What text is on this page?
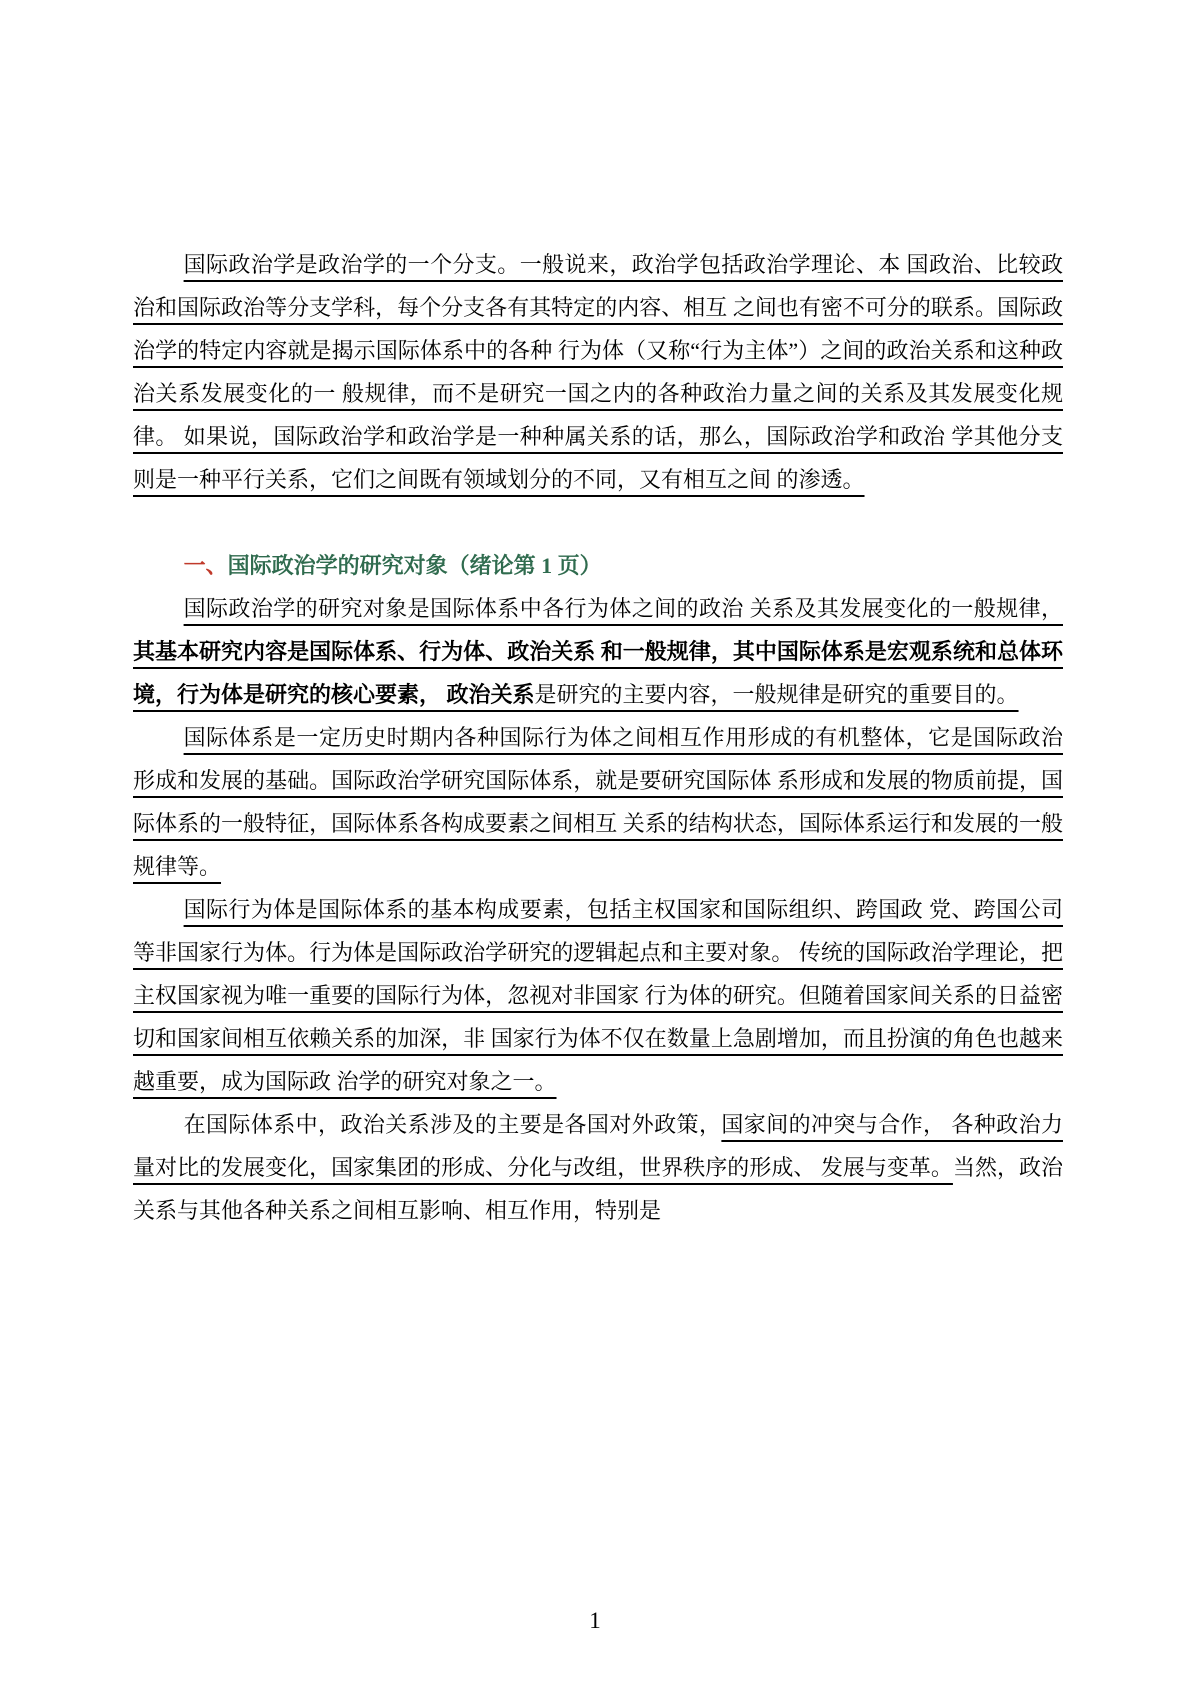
国际政治学是政治学的一个分支。一般说来，政治学包括政治学理论、本 国政治、比较政治和国际政治等分支学科，每个分支各有其特定的内容、相互 之间也有密不可分的联系。国际政治学的特定内容就是揭示国际体系中的各种 行为体（又称“行为主体”）之间的政治关系和这种政治关系发展变化的一 般规律，而不是研究一国之内的各种政治力量之间的关系及其发展变化规律。 如果说，国际政治学和政治学是一种种属关系的话，那么，国际政治学和政治 学其他分支则是一种平行关系，它们之间既有领域划分的不同，又有相互之间 的渗透。

一、国际政治学的研究对象（绪论第 1 页）

国际政治学的研究对象是国际体系中各行为体之间的政治 关系及其发展变化的一般规律，其基本研究内容是国际体系、行为体、政治关系 和一般规律，其中国际体系是宏观系统和总体环境，行为体是研究的核心要素， 政治关系是研究的主要内容，一般规律是研究的重要目的。

国际体系是一定历史时期内各种国际行为体之间相互作用形成的有机整体，它是国际政治形成和发展的基础。国际政治学研究国际体系，就是要研究国际体 系形成和发展的物质前提，国际体系的一般特征，国际体系各构成要素之间相互 关系的结构状态，国际体系运行和发展的一般规律等。

国际行为体是国际体系的基本构成要素，包括主权国家和国际组织、跨国政 党、跨国公司等非国家行为体。行为体是国际政治学研究的逻辑起点和主要对象。 传统的国际政治学理论，把主权国家视为唯一重要的国际行为体，忽视对非国家 行为体的研究。但随着国家间关系的日益密切和国家间相互依赖关系的加深，非 国家行为体不仅在数量上急剧增加，而且扮演的角色也越来越重要，成为国际政 治学的研究对象之一。

在国际体系中，政治关系涉及的主要是各国对外政策，国家间的冲突与合作， 各种政治力量对比的发展变化，国家集团的形成、分化与改组，世界秩序的形成、 发展与变革。当然，政治关系与其他各种关系之间相互影响、相互作用，特别是

1
